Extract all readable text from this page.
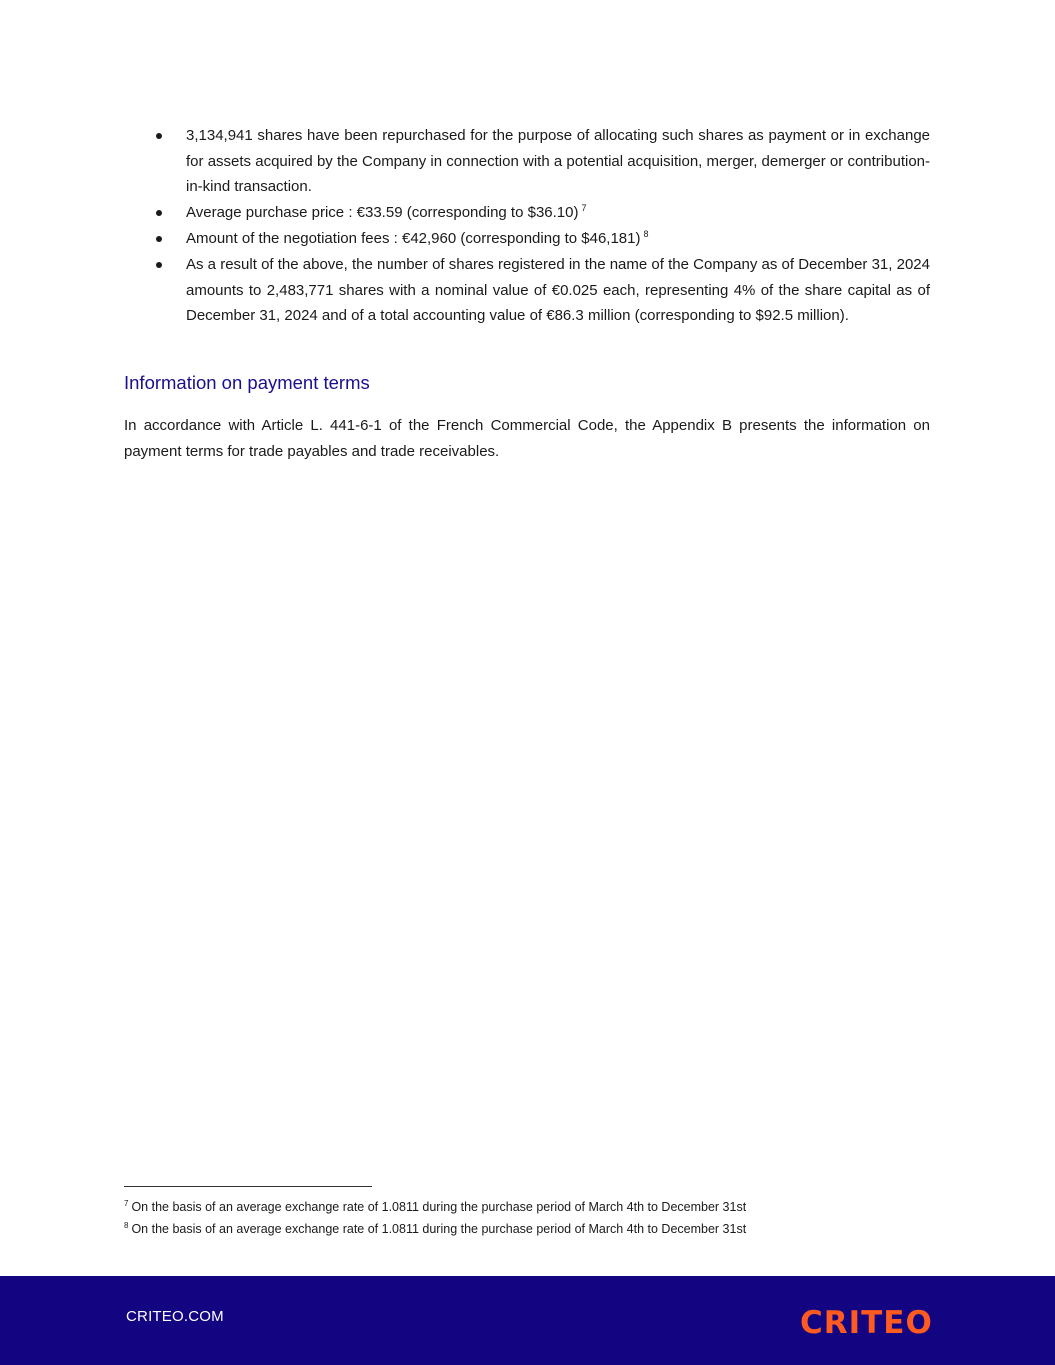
3,134,941 shares have been repurchased for the purpose of allocating such shares as payment or in exchange for assets acquired by the Company in connection with a potential acquisition, merger, demerger or contribution-in-kind transaction.
Average purchase price : €33.59 (corresponding to $36.10) $^7$
Amount of the negotiation fees : €42,960 (corresponding to $46,181) $^8$
As a result of the above, the number of shares registered in the name of the Company as of December 31, 2024 amounts to 2,483,771 shares with a nominal value of €0.025 each, representing 4% of the share capital as of December 31, 2024 and of a total accounting value of €86.3 million (corresponding to $92.5 million).
Information on payment terms

In accordance with Article L. 441-6-1 of the French Commercial Code, the Appendix B presents the information on payment terms for trade payables and trade receivables.

$^7$ On the basis of an average exchange rate of 1.0811 during the purchase period of March 4th to December 31st
$^8$ On the basis of an average exchange rate of 1.0811 during the purchase period of March 4th to December 31st
CRITEO.COM	CRITEO
